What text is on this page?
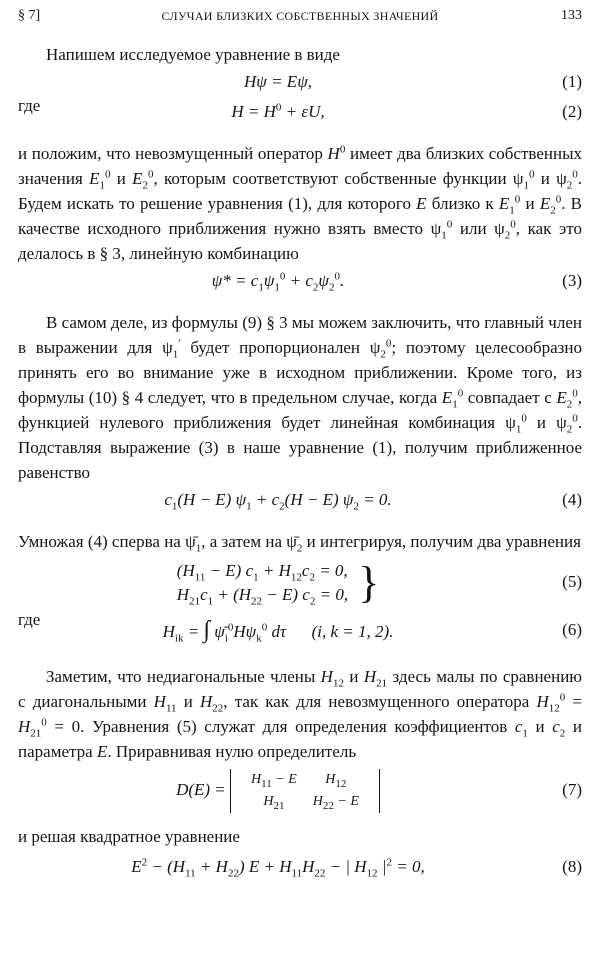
§ 7]	СЛУЧАИ БЛИЗКИХ СОБСТВЕННЫХ ЗНАЧЕНИЙ	133

Напишем исследуемое уравнение в виде

Hψ = Eψ,	(1)
где	$H = H^0 + \varepsilon U$,	(2)

и положим, что невозмущенный оператор $H^0$ имеет два близких собственных значения $E_1^0$ и $E_2^0$, которым соответствуют собственные функции $\psi_1^0$ и $\psi_2^0$. Будем искать то решение уравнения (1), для которого E близко к $E_1^0$ и $E_2^0$. В качестве исходного приближения нужно взять вместо $\psi_1^0$ или $\psi_2^0$, как это делалось в § 3, линейную комбинацию

$\psi* = c_1\psi_1^0 + c_2\psi_2^0$.	(3)

В самом деле, из формулы (9) § 3 мы можем заключить, что главный член в выражении для $\psi_1'$ будет пропорционален $\psi_2^0$; поэтому целесообразно принять его во внимание уже в исходном приближении. Кроме того, из формулы (10) § 4 следует, что в предельном случае, когда $E_1^0$ совпадает с $E_2^0$, функцией нулевого приближения будет линейная комбинация $\psi_1^0$ и $\psi_2^0$. Подставляя выражение (3) в наше уравнение (1), получим приближенное равенство

$c_1(H - E) \psi_1 + c_2(H - E) \psi_2 = 0$.	(4)

Умножая (4) сперва на $\psī_1$, а затем на $\psī_2$ и интегрируя, получим два уравнения

$(H_{11} - E) c_1 + H_{12}c_2 = 0$,
$H_{21}c_1 + (H_{22} - E) c_2 = 0$, }	(5)
где
$H_{ik}$ = ∫ $\psī_i^0H\psi_k^0$ dτ      (i, k = 1, 2).	(6)

Заметим, что недиагональные члены $H_{12}$ и $H_{21}$ здесь малы по сравнению с диагональными $H_{11}$ и $H_{22}$, так как для невозмущенного оператора $H_{12}^0 = H_{21}^0 = 0$. Уравнения (5) служат для определения коэффициентов $c_1$ и $c_2$ и параметра E. Приравнивая нулю определитель

$D(E) = H_{11} - E$	$H_{12}$
$H_{21}$	$H_{22} - E$
(7)

и решая квадратное уравнение

$E^2 - (H_{11} + H_{22}) E + H_{11}H_{22}$ − | $H_{12}$ $|^2 = 0$,	(8)
